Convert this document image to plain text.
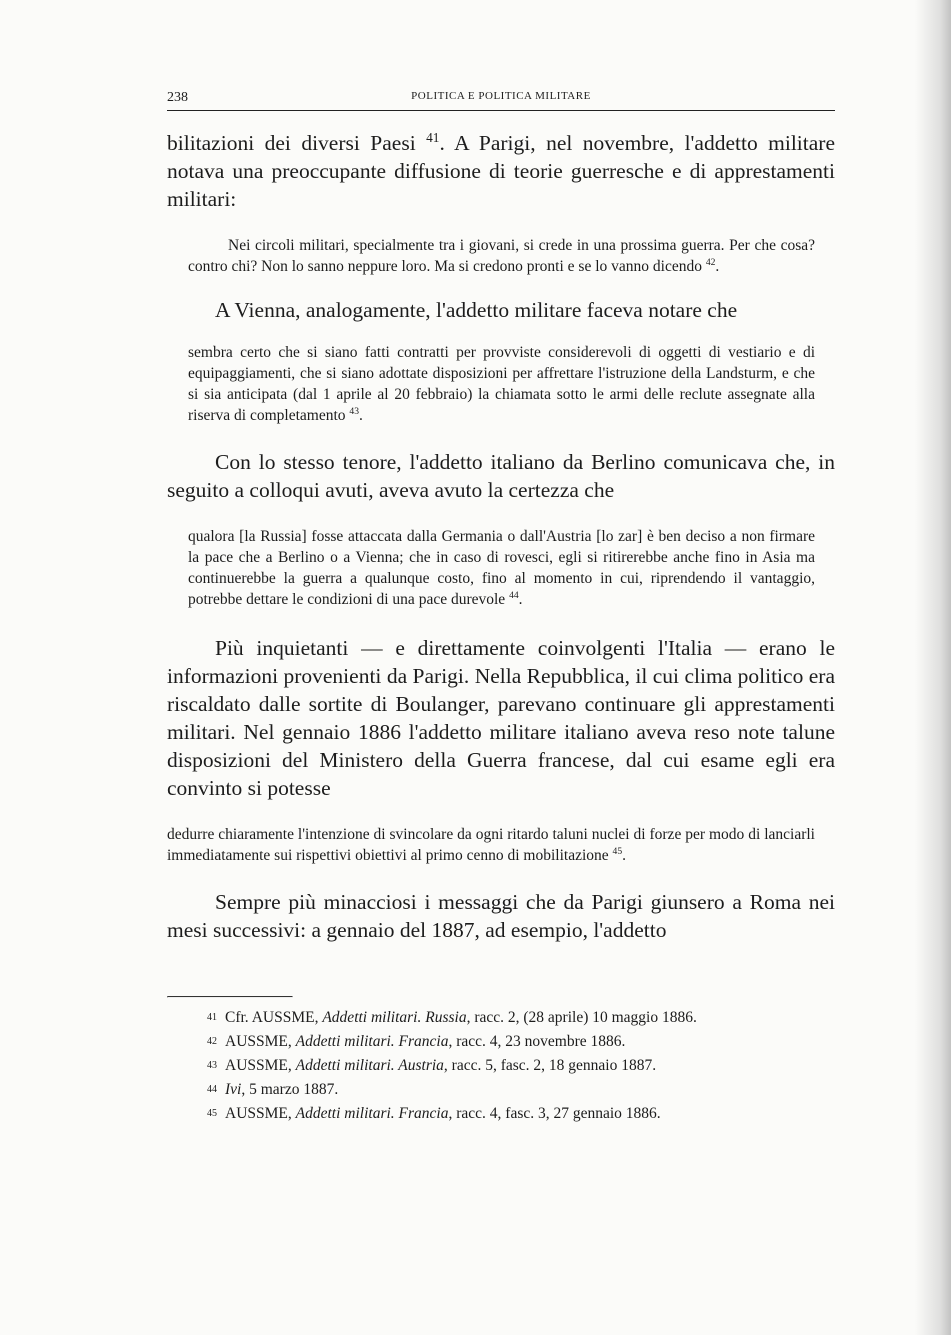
238	POLITICA E POLITICA MILITARE

bilitazioni dei diversi Paesi $^{41}$. A Parigi, nel novembre, l'addetto militare notava una preoccupante diffusione di teorie guerresche e di apprestamenti militari:

Nei circoli militari, specialmente tra i giovani, si crede in una prossima guerra. Per che cosa? contro chi? Non lo sanno neppure loro. Ma si credono pronti e se lo vanno dicendo $^{42}$.

A Vienna, analogamente, l'addetto militare faceva notare che

sembra certo che si siano fatti contratti per provviste considerevoli di oggetti di vestiario e di equipaggiamenti, che si siano adottate disposizioni per affrettare l'istruzione della Landsturm, e che si sia anticipata (dal 1 aprile al 20 febbraio) la chiamata sotto le armi delle reclute assegnate alla riserva di completamento $^{43}$.

Con lo stesso tenore, l'addetto italiano da Berlino comunicava che, in seguito a colloqui avuti, aveva avuto la certezza che

qualora [la Russia] fosse attaccata dalla Germania o dall'Austria [lo zar] è ben deciso a non firmare la pace che a Berlino o a Vienna; che in caso di rovesci, egli si ritirerebbe anche fino in Asia ma continuerebbe la guerra a qualunque costo, fino al momento in cui, riprendendo il vantaggio, potrebbe dettare le condizioni di una pace durevole $^{44}$.

Più inquietanti — e direttamente coinvolgenti l'Italia — erano le informazioni provenienti da Parigi. Nella Repubblica, il cui clima politico era riscaldato dalle sortite di Boulanger, parevano continuare gli apprestamenti militari. Nel gennaio 1886 l'addetto militare italiano aveva reso note talune disposizioni del Ministero della Guerra francese, dal cui esame egli era convinto si potesse

dedurre chiaramente l'intenzione di svincolare da ogni ritardo taluni nuclei di forze per modo di lanciarli immediatamente sui rispettivi obiettivi al primo cenno di mobilitazione $^{45}$.

Sempre più minacciosi i messaggi che da Parigi giunsero a Roma nei mesi successivi: a gennaio del 1887, ad esempio, l'addetto

41 Cfr. AUSSME, Addetti militari. Russia, racc. 2, (28 aprile) 10 maggio 1886.
42 AUSSME, Addetti militari. Francia, racc. 4, 23 novembre 1886.
43 AUSSME, Addetti militari. Austria, racc. 5, fasc. 2, 18 gennaio 1887.
44 Ivi, 5 marzo 1887.
45 AUSSME, Addetti militari. Francia, racc. 4, fasc. 3, 27 gennaio 1886.
